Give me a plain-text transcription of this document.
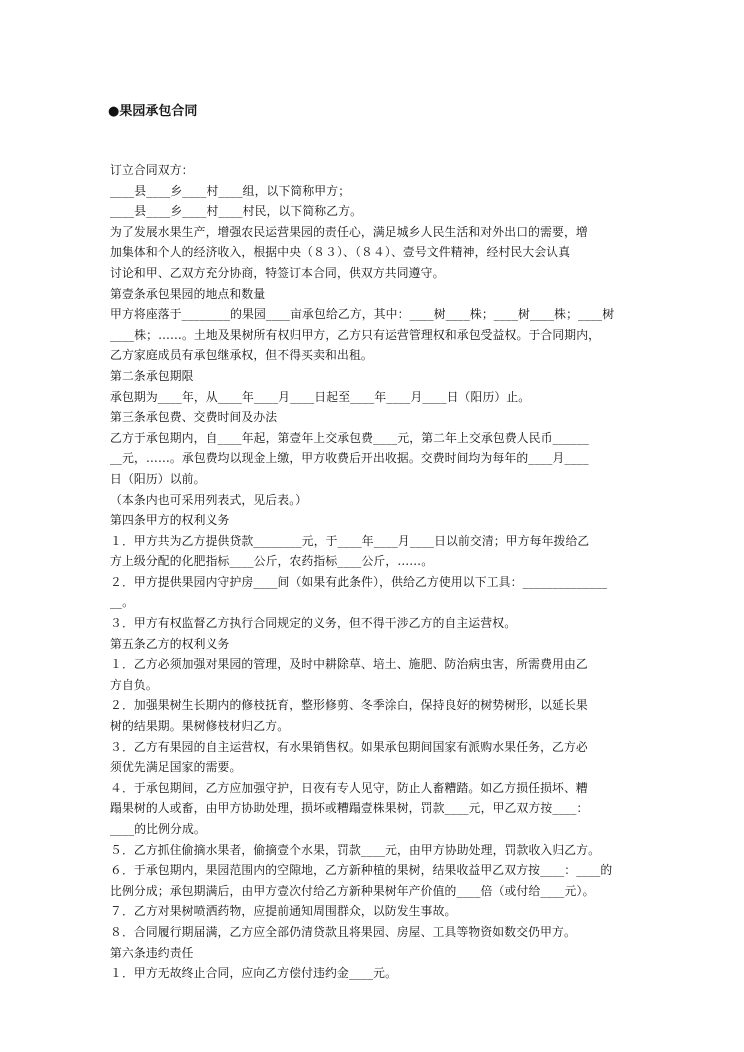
●果园承包合同
订立合同双方：
____县____乡____村____组，以下简称甲方；
____县____乡____村____村民，以下简称乙方。
为了发展水果生产，增强农民运营果园的责任心，满足城乡人民生活和对外出口的需要，增
加集体和个人的经济收入，根据中央（８３）、（８４）、壹号文件精神，经村民大会认真
讨论和甲、乙双方充分协商，特签订本合同，供双方共同遵守。
第壹条承包果园的地点和数量
甲方将座落于________的果园____亩承包给乙方，其中：____树____株；____树____株；____树
____株；……。土地及果树所有权归甲方，乙方只有运营管理权和承包受益权。于合同期内，
乙方家庭成员有承包继承权，但不得买卖和出租。
第二条承包期限
承包期为____年，从____年____月____日起至____年____月____日（阳历）止。
第三条承包费、交费时间及办法
乙方于承包期内，自____年起，第壹年上交承包费____元，第二年上交承包费人民币______
__元，……。承包费均以现金上缴，甲方收费后开出收据。交费时间均为每年的____月____
日（阳历）以前。
（本条内也可采用列表式，见后表。）
第四条甲方的权利义务
１．甲方共为乙方提供贷款________元，于____年____月____日以前交清；甲方每年拨给乙
方上级分配的化肥指标____公斤，农药指标____公斤，……。
２．甲方提供果园内守护房____间（如果有此条件），供给乙方使用以下工具：______________
__。
３．甲方有权监督乙方执行合同规定的义务，但不得干涉乙方的自主运营权。
第五条乙方的权利义务
１．乙方必须加强对果园的管理，及时中耕除草、培土、施肥、防治病虫害，所需费用由乙
方自负。
２．加强果树生长期内的修枝抚育，整形修剪、冬季涂白，保持良好的树势树形，以延长果
树的结果期。果树修枝材归乙方。
３．乙方有果园的自主运营权，有水果销售权。如果承包期间国家有派购水果任务，乙方必
须优先满足国家的需要。
４．于承包期间，乙方应加强守护，日夜有专人见守，防止人畜糟踏。如乙方损任损坏、糟
蹋果树的人或畜，由甲方协助处理，损坏或糟蹋壹株果树，罚款____元，甲乙双方按____：
____的比例分成。
５．乙方抓住偷摘水果者，偷摘壹个水果，罚款____元，由甲方协助处理，罚款收入归乙方。
６．于承包期内，果园范围内的空隙地，乙方新种植的果树，结果收益甲乙双方按____：____的
比例分成；承包期满后，由甲方壹次付给乙方新种果树年产价值的____倍（或付给____元）。
７．乙方对果树喷洒药物，应提前通知周围群众，以防发生事故。
８．合同履行期届满，乙方应全部仍清贷款且将果园、房屋、工具等物资如数交仍甲方。
第六条违约责任
１．甲方无故终止合同，应向乙方偿付违约金____元。
